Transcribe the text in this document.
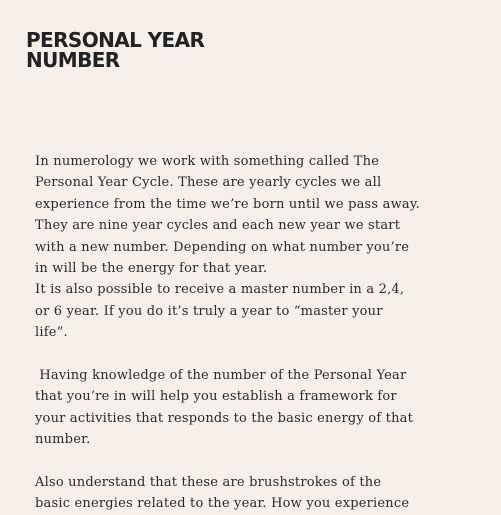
PERSONAL YEAR
NUMBER
In numerology we work with something called The
Personal Year Cycle. These are yearly cycles we all
experience from the time we’re born until we pass away.
They are nine year cycles and each new year we start
with a new number. Depending on what number you’re
in will be the energy for that year.
It is also possible to receive a master number in a 2,4,
or 6 year. If you do it’s truly a year to “master your
life”.
Having knowledge of the number of the Personal Year
that you’re in will help you establish a framework for
your activities that responds to the basic energy of that
number.
Also understand that these are brushstrokes of the
basic energies related to the year. How you experience
